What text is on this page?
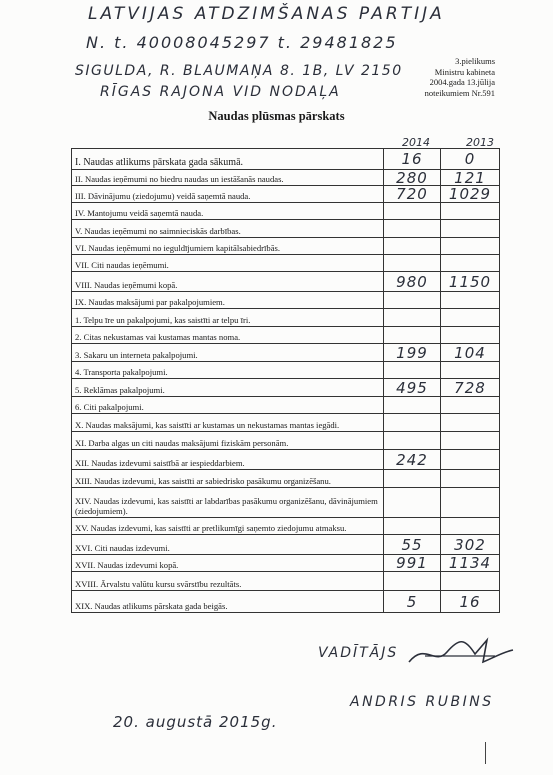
LATVIJAS ATDZIMŠANAS PARTIJA
N. t. 40008045297 t. 29481825
SIGULDA, R. BLAUMAŅA 8. 1B, LV 2150
RĪGAS RAJONA VID NODAĻA
3.pielikums
Ministru kabineta
2004.gada 13.jūlija
noteikumiem Nr.591
Naudas plūsmas pārskats
2014	2013
I. Naudas atlikums pārskata gada sākumā.	16	0
II. Naudas ieņēmumi no biedru naudas un iestāšanās naudas.	280	121
III. Dāvinājumu (ziedojumu) veidā saņemtā nauda.	720	1029
IV. Mantojumu veidā saņemtā nauda.		
V. Naudas ieņēmumi no saimnieciskās darbības.		
VI. Naudas ieņēmumi no ieguldījumiem kapitālsabiedrībās.		
VII. Citi naudas ieņēmumi.		
VIII. Naudas ieņēmumi kopā.	980	1150
IX. Naudas maksājumi par pakalpojumiem.		
1. Telpu īre un pakalpojumi, kas saistīti ar telpu īri.		
2. Citas nekustamas vai kustamas mantas noma.		
3. Sakaru un interneta pakalpojumi.	199	104
4. Transporta pakalpojumi.		
5. Reklāmas pakalpojumi.	495	728
6. Citi pakalpojumi.		
X. Naudas maksājumi, kas saistīti ar kustamas un nekustamas mantas iegādi.		
XI. Darba algas un citi naudas maksājumi fiziskām personām.		
XII. Naudas izdevumi saistībā ar iespieddarbiem.	242	
XIII. Naudas izdevumi, kas saistīti ar sabiedrisko pasākumu organizēšanu.		
XIV. Naudas izdevumi, kas saistīti ar labdarības pasākumu organizēšanu, dāvinājumiem (ziedojumiem).		
XV. Naudas izdevumi, kas saistīti ar pretlikumīgi saņemto ziedojumu atmaksu.		
XVI. Citi naudas izdevumi.	55	302
XVII. Naudas izdevumi kopā.	991	1134
XVIII. Ārvalstu valūtu kursu svārstību rezultāts.		
XIX. Naudas atlikums pārskata gada beigās.	5	16
VADĪTĀJS
ANDRIS RUBINS
20. augustā 2015g.
